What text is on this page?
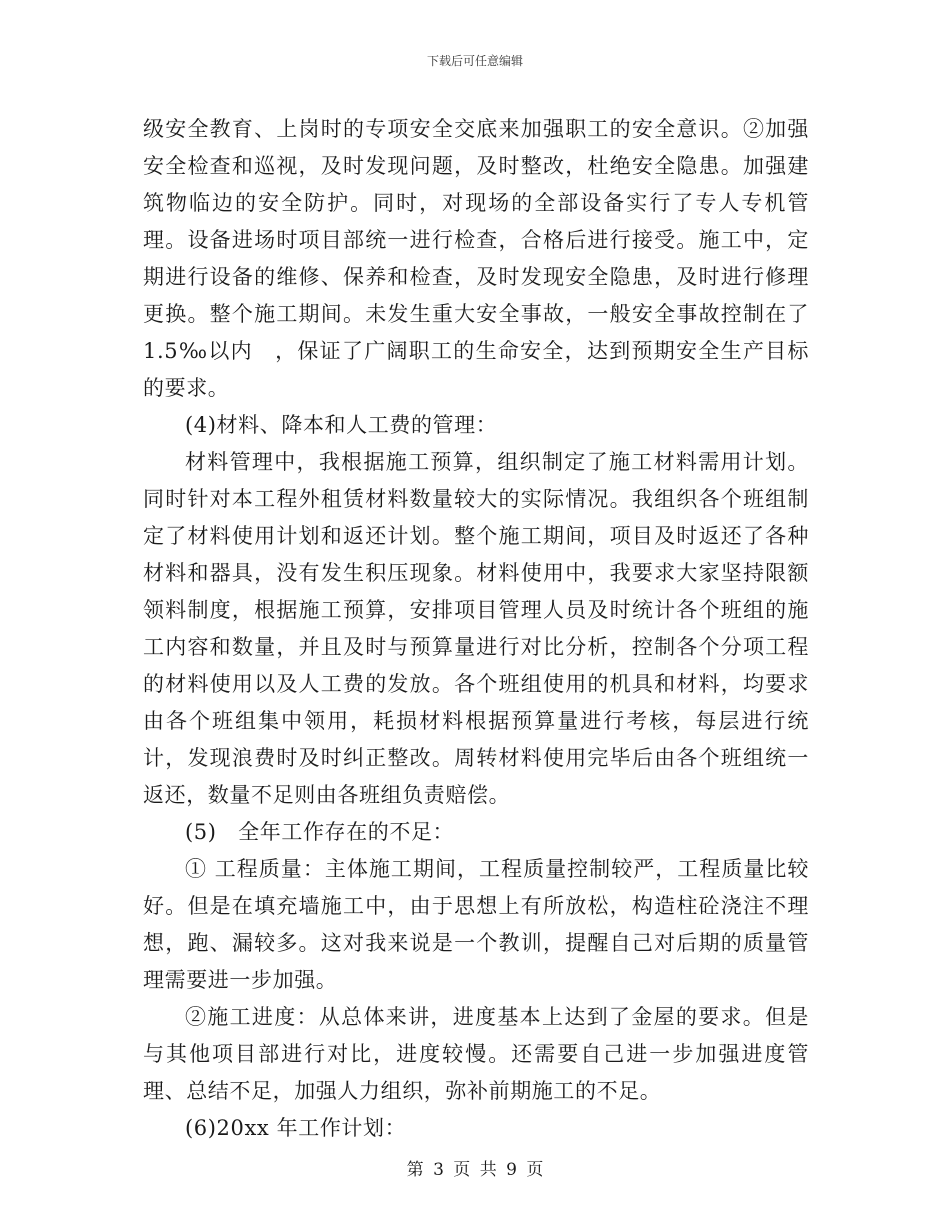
下载后可任意编辑

级安全教育、上岗时的专项安全交底来加强职工的安全意识。②加强安全检查和巡视，及时发现问题，及时整改，杜绝安全隐患。加强建筑物临边的安全防护。同时，对现场的全部设备实行了专人专机管理。设备进场时项目部统一进行检查，合格后进行接受。施工中，定期进行设备的维修、保养和检查，及时发现安全隐患，及时进行修理更换。整个施工期间。未发生重大安全事故，一般安全事故控制在了 1.5‰以内　，保证了广阔职工的生命安全，达到预期安全生产目标的要求。

(4)材料、降本和人工费的管理：

材料管理中，我根据施工预算，组织制定了施工材料需用计划。同时针对本工程外租赁材料数量较大的实际情况。我组织各个班组制定了材料使用计划和返还计划。整个施工期间，项目及时返还了各种材料和器具，没有发生积压现象。材料使用中，我要求大家坚持限额领料制度，根据施工预算，安排项目管理人员及时统计各个班组的施工内容和数量，并且及时与预算量进行对比分析，控制各个分项工程的材料使用以及人工费的发放。各个班组使用的机具和材料，均要求由各个班组集中领用，耗损材料根据预算量进行考核，每层进行统计，发现浪费时及时纠正整改。周转材料使用完毕后由各个班组统一返还，数量不足则由各班组负责赔偿。

(5)　全年工作存在的不足：

① 工程质量：主体施工期间，工程质量控制较严，工程质量比较好。但是在填充墙施工中，由于思想上有所放松，构造柱砼浇注不理想，跑、漏较多。这对我来说是一个教训，提醒自己对后期的质量管理需要进一步加强。

②施工进度：从总体来讲，进度基本上达到了金屋的要求。但是与其他项目部进行对比，进度较慢。还需要自己进一步加强进度管理、总结不足，加强人力组织，弥补前期施工的不足。

(6)20xx 年工作计划：

第 3 页 共 9 页
